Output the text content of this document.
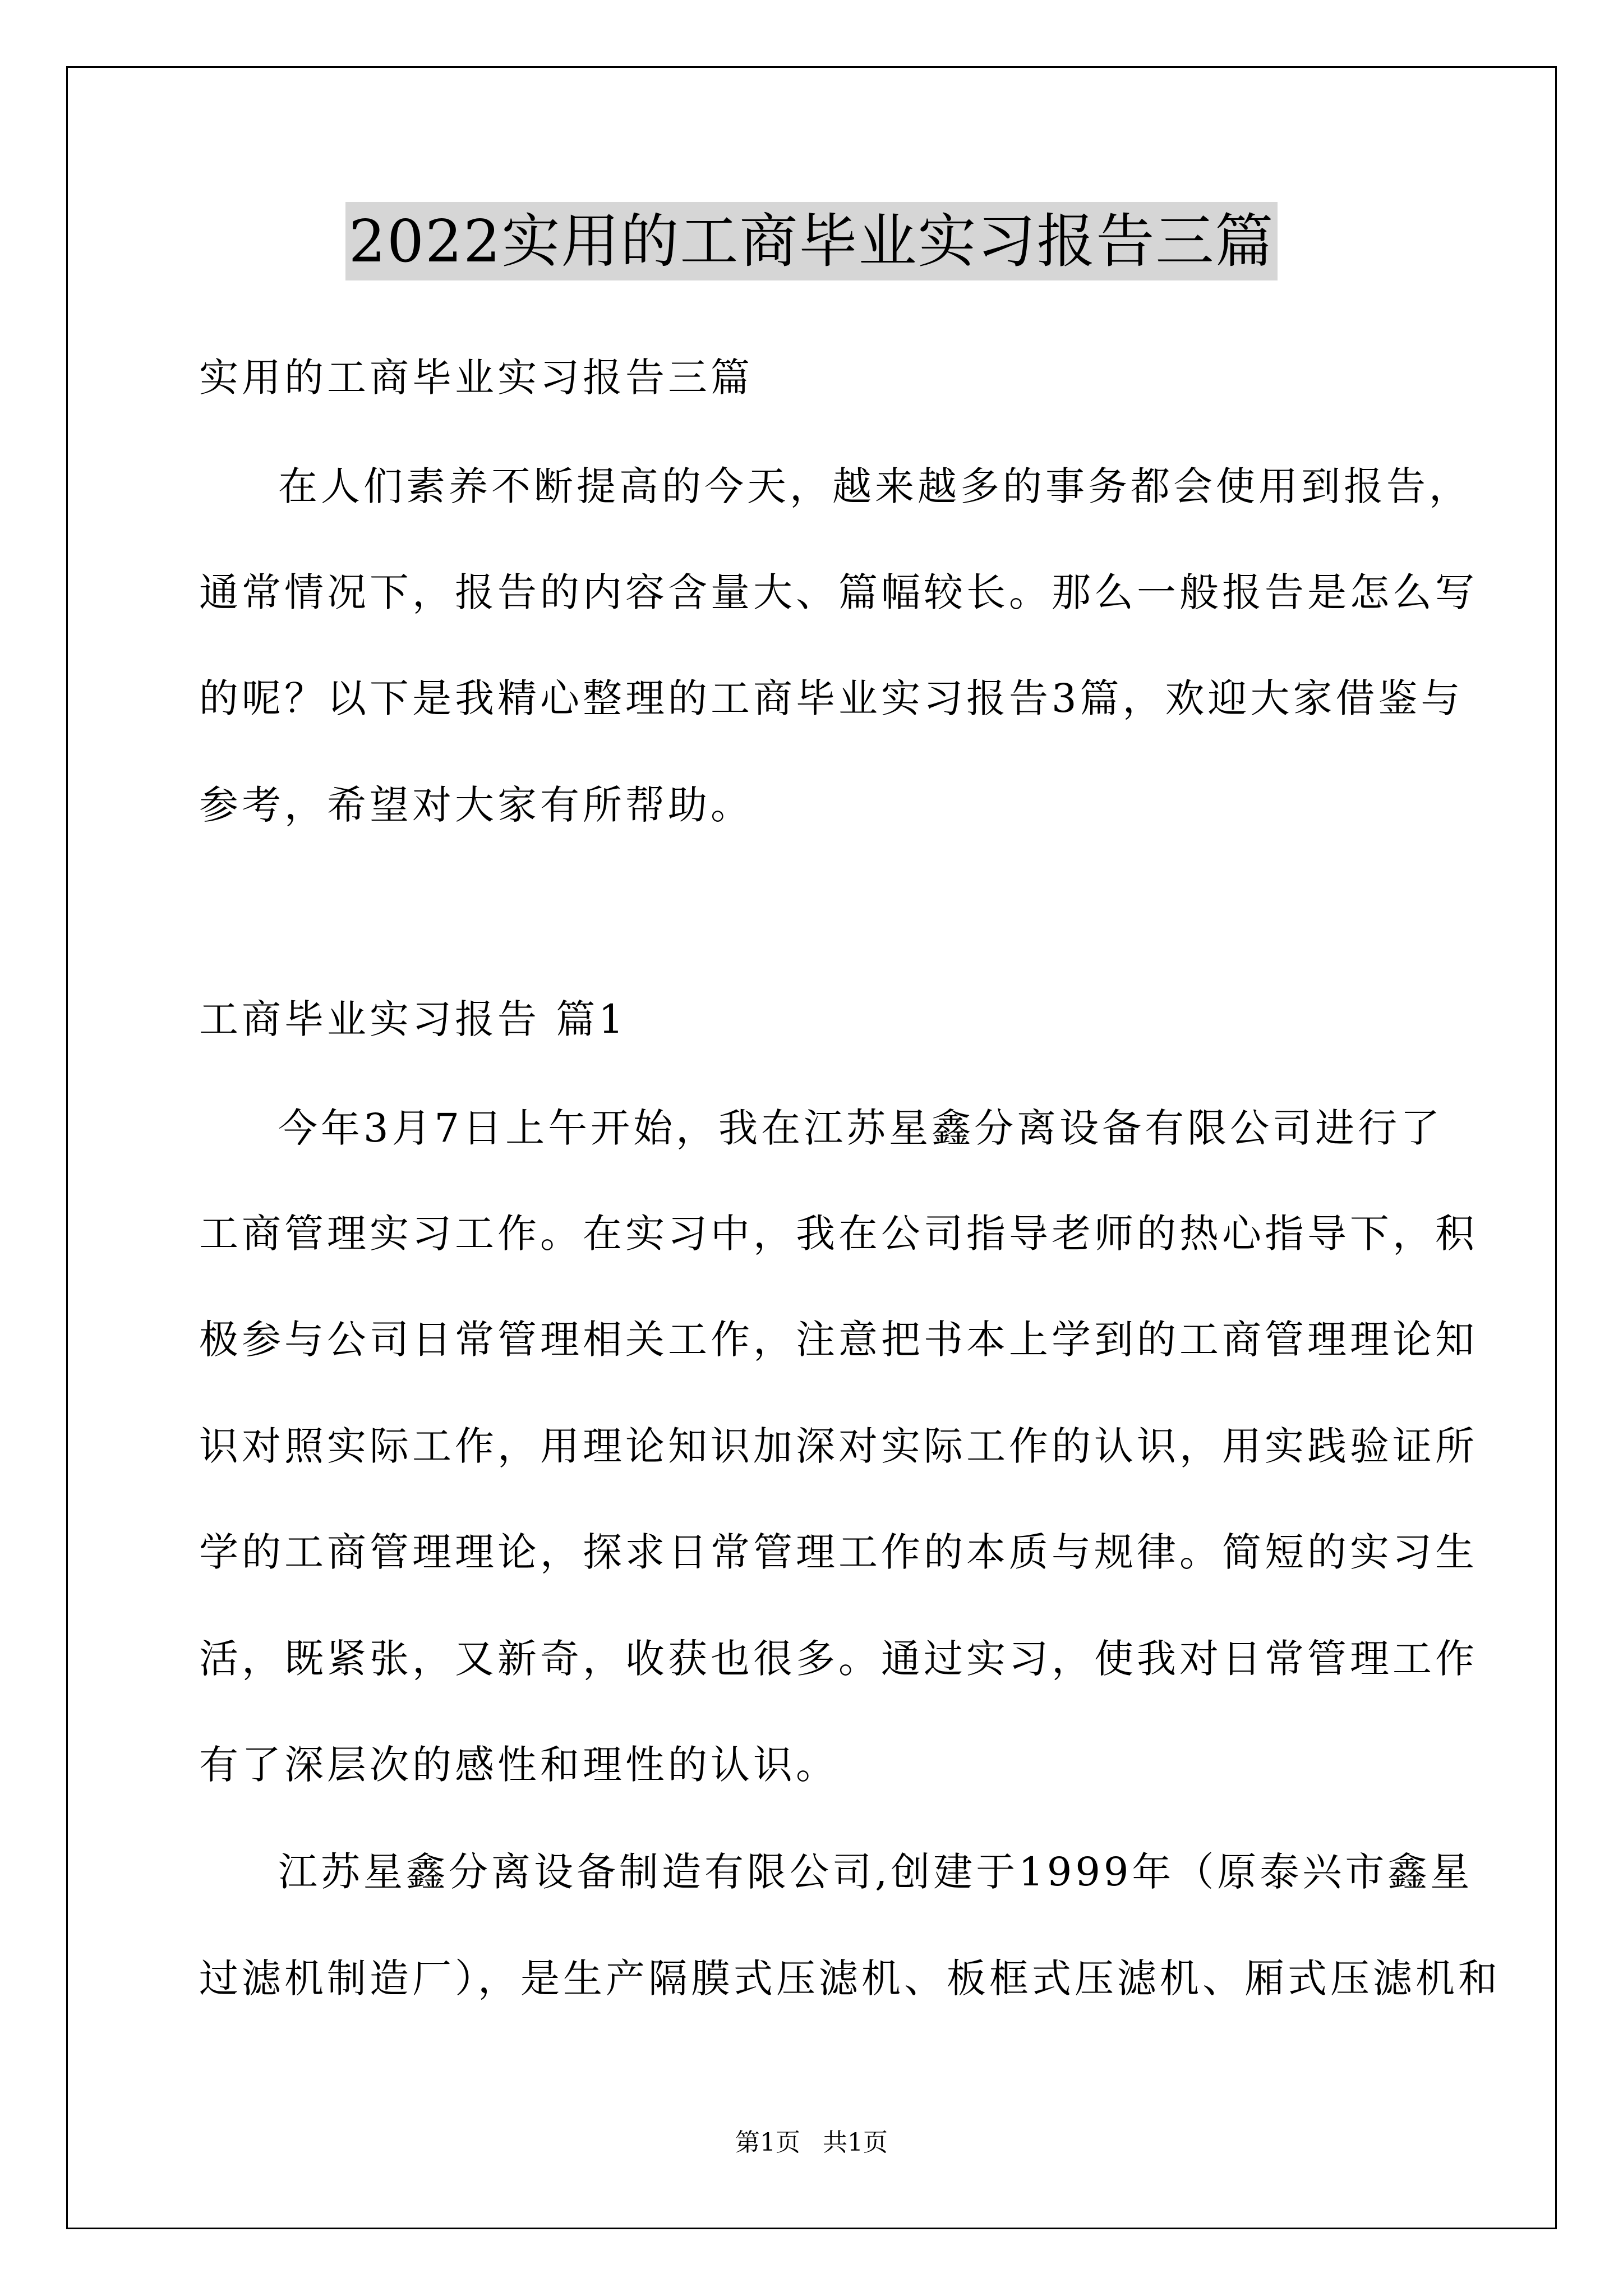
2022实用的工商毕业实习报告三篇
实用的工商毕业实习报告三篇
在人们素养不断提高的今天，越来越多的事务都会使用到报告，
通常情况下，报告的内容含量大、篇幅较长。那么一般报告是怎么写
的呢？以下是我精心整理的工商毕业实习报告3篇，欢迎大家借鉴与
参考，希望对大家有所帮助。
工商毕业实习报告 篇1
今年3月7日上午开始，我在江苏星鑫分离设备有限公司进行了
工商管理实习工作。在实习中，我在公司指导老师的热心指导下，积
极参与公司日常管理相关工作，注意把书本上学到的工商管理理论知
识对照实际工作，用理论知识加深对实际工作的认识，用实践验证所
学的工商管理理论，探求日常管理工作的本质与规律。简短的实习生
活，既紧张，又新奇，收获也很多。通过实习，使我对日常管理工作
有了深层次的感性和理性的认识。
江苏星鑫分离设备制造有限公司,创建于1999年（原泰兴市鑫星
过滤机制造厂），是生产隔膜式压滤机、板框式压滤机、厢式压滤机和
第1页 共1页
